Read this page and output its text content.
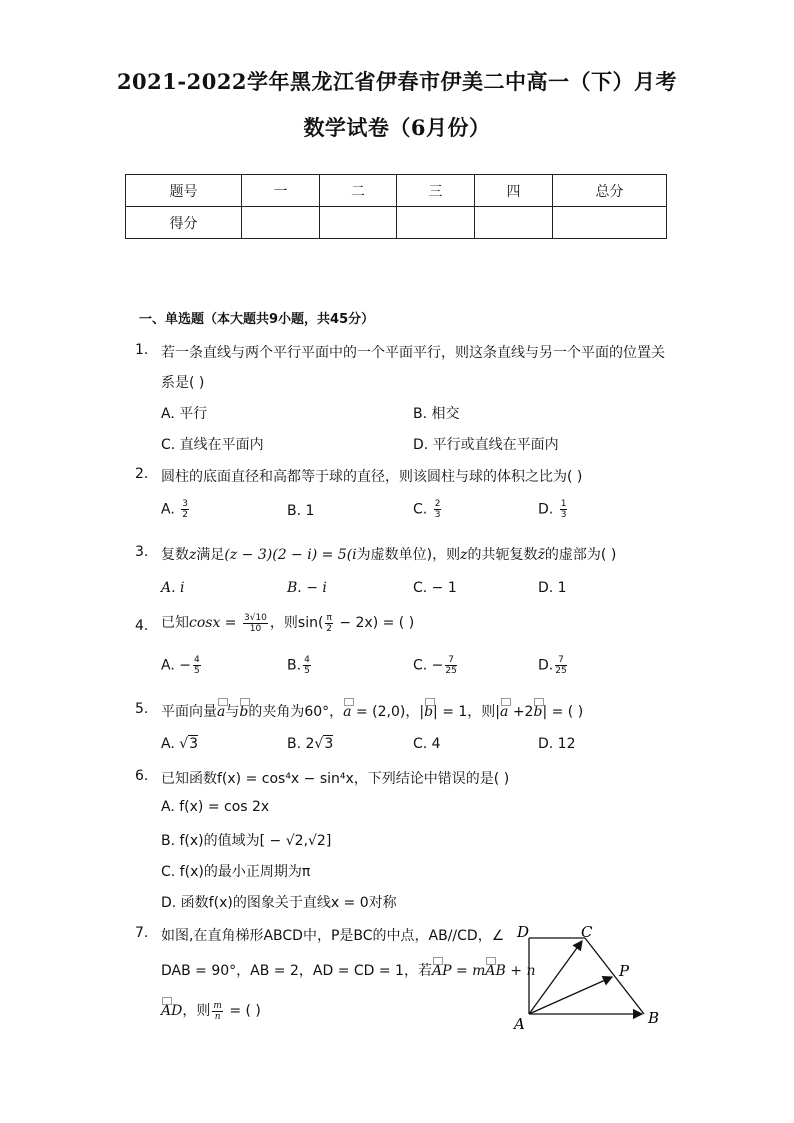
2021-2022学年黑龙江省伊春市伊美二中高一（下）月考
数学试卷（6月份）
题号	一	二	三	四	总分
得分					
一、单选题（本大题共9小题，共45分）
1. 若一条直线与两个平行平面中的一个平面平行，则这条直线与另一个平面的位置关
系是( )
A. 平行	B. 相交
C. 直线在平面内	D. 平行或直线在平面内
2. 圆柱的底面直径和高都等于球的直径，则该圆柱与球的体积之比为( )
A. $\frac{3}{2}$	B. 1	C. $\frac{2}{3}$	D. $\frac{1}{3}$
3. 复数z满足(z − 3)(2 − i) = 5(i为虚数单位)，则z的共轭复数z̄的虚部为( )
A. i	B. − i	C. − 1	D. 1
4. 已知$\cos x = \frac{3√10}{10}$ ，则$\sin( \frac{\pi}{2} - 2x)$ = ( )
A. − $\frac{4}{5}$	B. $\frac{4}{5}$	C. − $\frac{7}{25}$	D. $\frac{7}{25}$
5. 平面向量a与b的夹角为60°，a = (2,0)，|b| = 1，则|a +2b| = ( )
A. √3	B. 2√3	C. 4	D. 12
6. 已知函数f(x) = cos⁴x − sin⁴x，下列结论中错误的是( )
A. f(x) = cos 2x
B. f(x)的值域为[ − √2,√2]
C. f(x)的最小正周期为π
D. 函数f(x)的图象关于直线x = 0对称
7. 如图,在直角梯形ABCD中，P是BC的中点，AB//CD，∠
DAB = 90°，AB = 2，AD = CD = 1，若AP = mAB + n
AD，则 $\frac{m}{n}$ = ( )
D	C
P
A	B
